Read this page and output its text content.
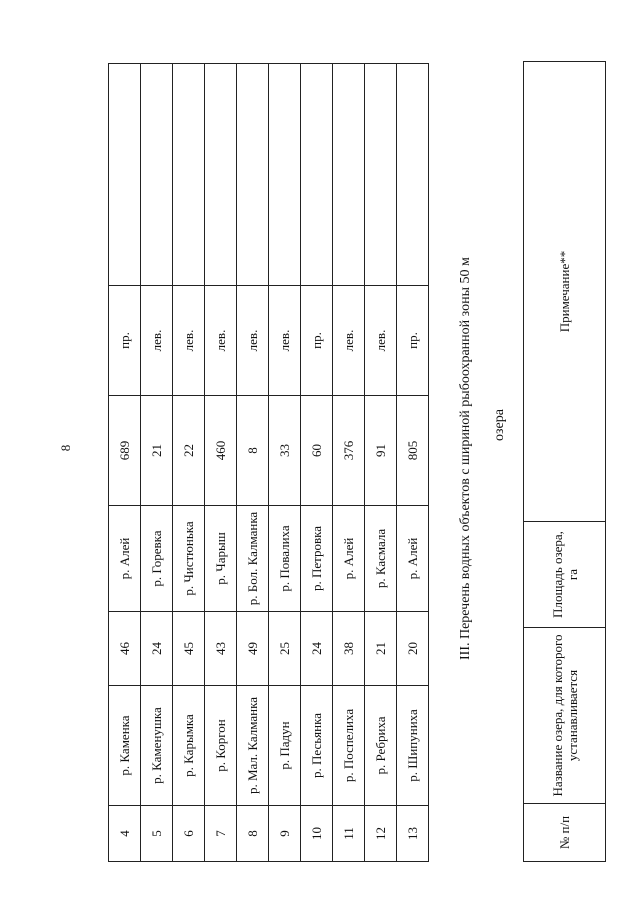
8
4	р. Каменка	46	р. Алей	689	пр.	
5	р. Каменушка	24	р. Горевка	21	лев.	
6	р. Карымка	45	р. Чистюнька	22	лев.	
7	р. Коргон	43	р. Чарыш	460	лев.	
8	р. Мал. Калманка	49	р. Бол. Калманка	8	лев.	
9	р. Падун	25	р. Повалиха	33	лев.	
10	р. Песьянка	24	р. Петровка	60	пр.	
11	р. Поспелиха	38	р. Алей	376	лев.	
12	р. Ребриха	21	р. Касмала	91	лев.	
13	р. Шипуниха	20	р. Алей	805	пр.		III. Перечень водных объектов с шириной рыбоохранной зоны 50 м озера
№ п/п	Название озера, для которого устанавливается	Площадь озера, га	Примечание**
